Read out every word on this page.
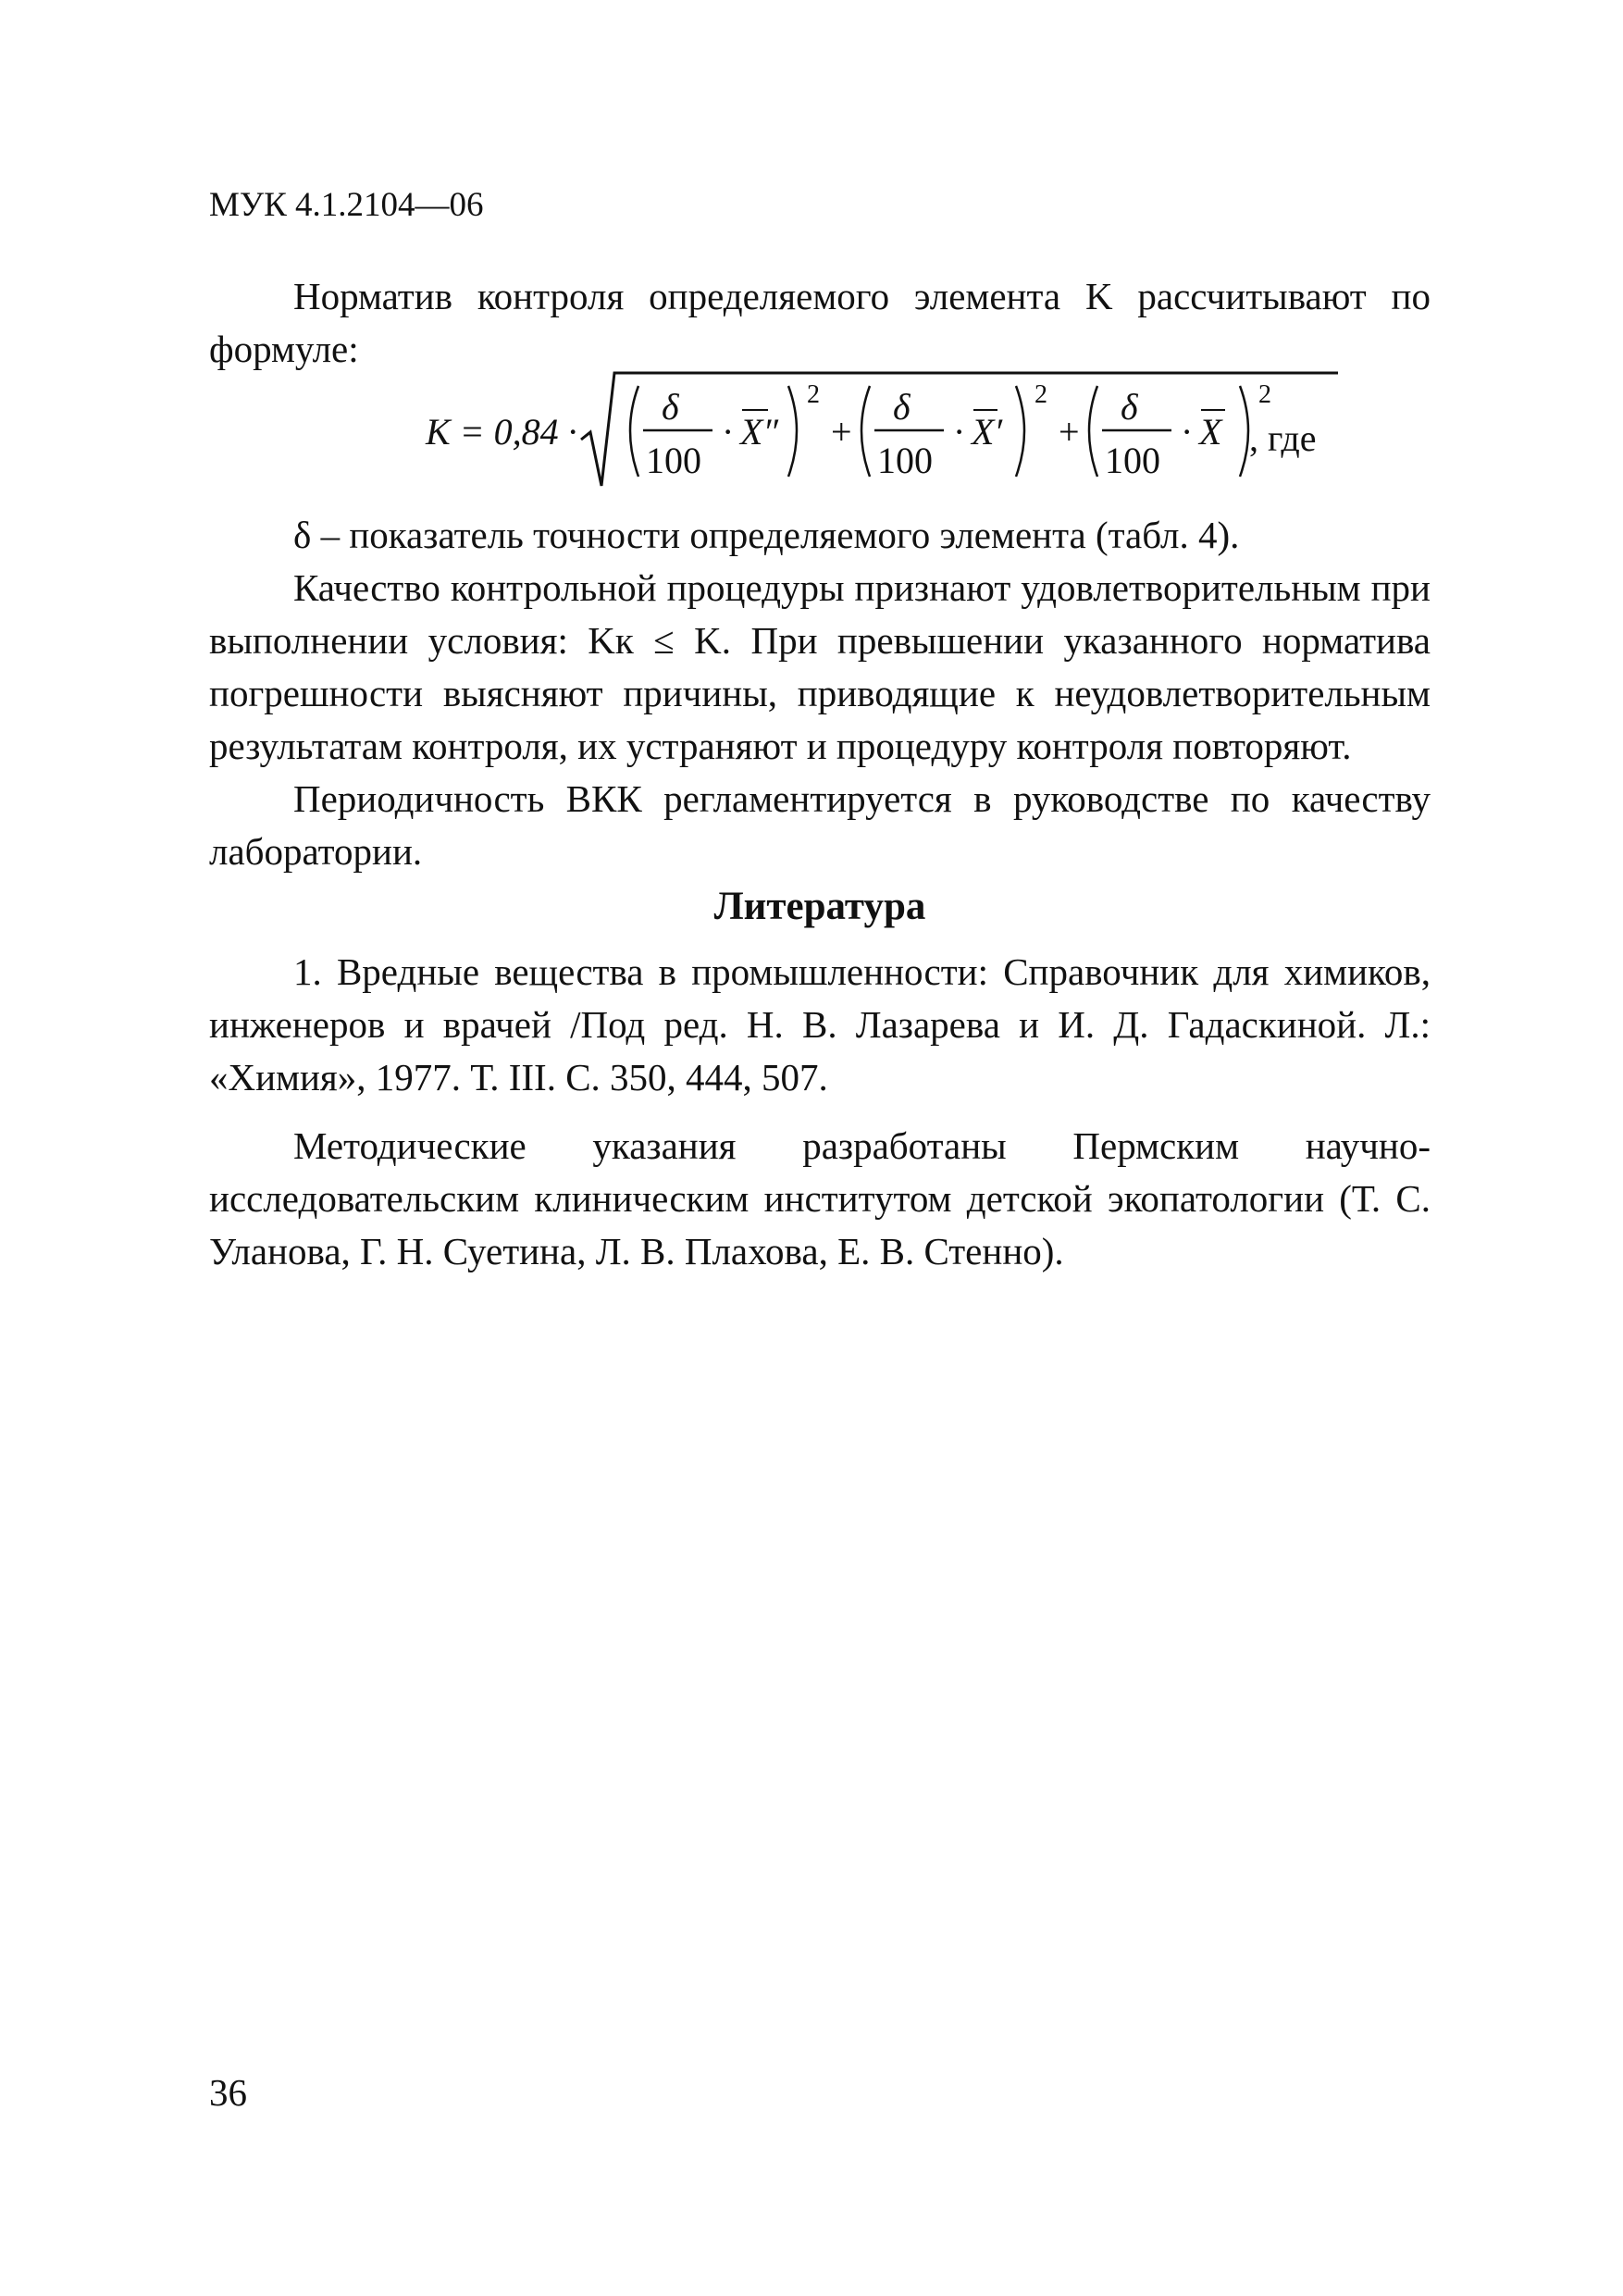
МУК 4.1.2104—06

Норматив контроля определяемого элемента K рассчитывают по формуле:

K = 0,84 ·
δ
100
· X″
2
+
δ
100
· X′
2
+
δ
100
· X
2
, где

δ – показатель точности определяемого элемента (табл. 4).

Качество контрольной процедуры признают удовлетворительным при выполнении условия: Kк ≤ K. При превышении указанного норматива погрешности выясняют причины, приводящие к неудовлетворительным результатам контроля, их устраняют и процедуру контроля повторяют.

Периодичность ВКК регламентируется в руководстве по качеству лаборатории.

Литература

1. Вредные вещества в промышленности: Справочник для химиков, инженеров и врачей /Под ред. Н. В. Лазарева и И. Д. Гадаскиной. Л.: «Химия», 1977. Т. III. С. 350, 444, 507.

Методические указания разработаны Пермским научно-исследовательским клиническим институтом детской экопатологии (Т. С. Уланова, Г. Н. Суетина, Л. В. Плахова, Е. В. Стенно).

36
